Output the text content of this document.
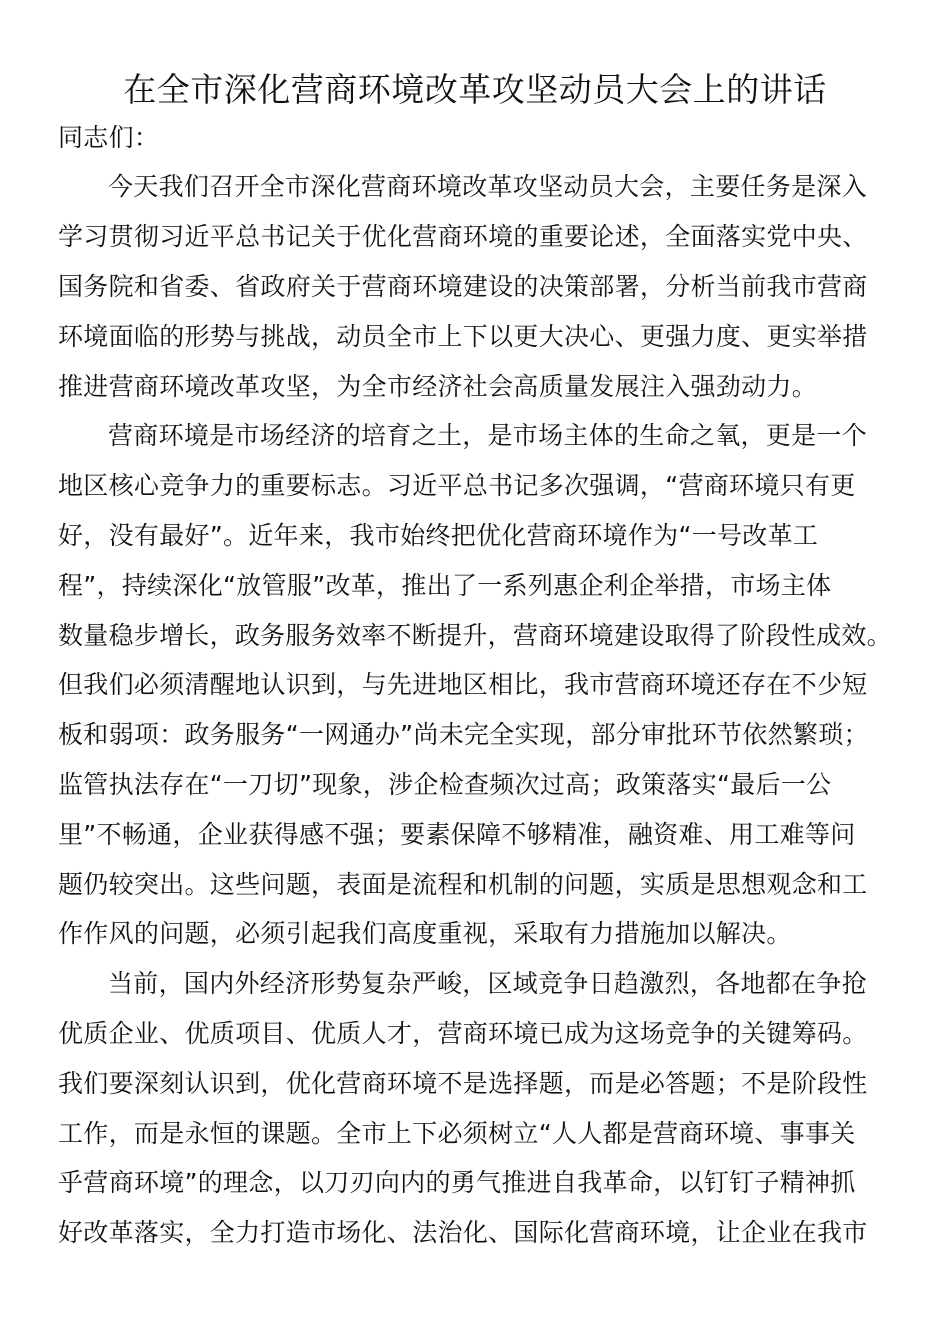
在全市深化营商环境改革攻坚动员大会上的讲话
同志们：
今天我们召开全市深化营商环境改革攻坚动员大会，主要任务是深入
学习贯彻习近平总书记关于优化营商环境的重要论述，全面落实党中央、
国务院和省委、省政府关于营商环境建设的决策部署，分析当前我市营商
环境面临的形势与挑战，动员全市上下以更大决心、更强力度、更实举措
推进营商环境改革攻坚，为全市经济社会高质量发展注入强劲动力。
营商环境是市场经济的培育之土，是市场主体的生命之氧，更是一个
地区核心竞争力的重要标志。习近平总书记多次强调，“营商环境只有更
好，没有最好”。近年来，我市始终把优化营商环境作为“一号改革工
程”，持续深化“放管服”改革，推出了一系列惠企利企举措，市场主体
数量稳步增长，政务服务效率不断提升，营商环境建设取得了阶段性成效。
但我们必须清醒地认识到，与先进地区相比，我市营商环境还存在不少短
板和弱项：政务服务“一网通办”尚未完全实现，部分审批环节依然繁琐；
监管执法存在“一刀切”现象，涉企检查频次过高；政策落实“最后一公
里”不畅通，企业获得感不强；要素保障不够精准，融资难、用工难等问
题仍较突出。这些问题，表面是流程和机制的问题，实质是思想观念和工
作作风的问题，必须引起我们高度重视，采取有力措施加以解决。
当前，国内外经济形势复杂严峻，区域竞争日趋激烈，各地都在争抢
优质企业、优质项目、优质人才，营商环境已成为这场竞争的关键筹码。
我们要深刻认识到，优化营商环境不是选择题，而是必答题；不是阶段性
工作，而是永恒的课题。全市上下必须树立“人人都是营商环境、事事关
乎营商环境”的理念，以刀刃向内的勇气推进自我革命，以钉钉子精神抓
好改革落实，全力打造市场化、法治化、国际化营商环境，让企业在我市
